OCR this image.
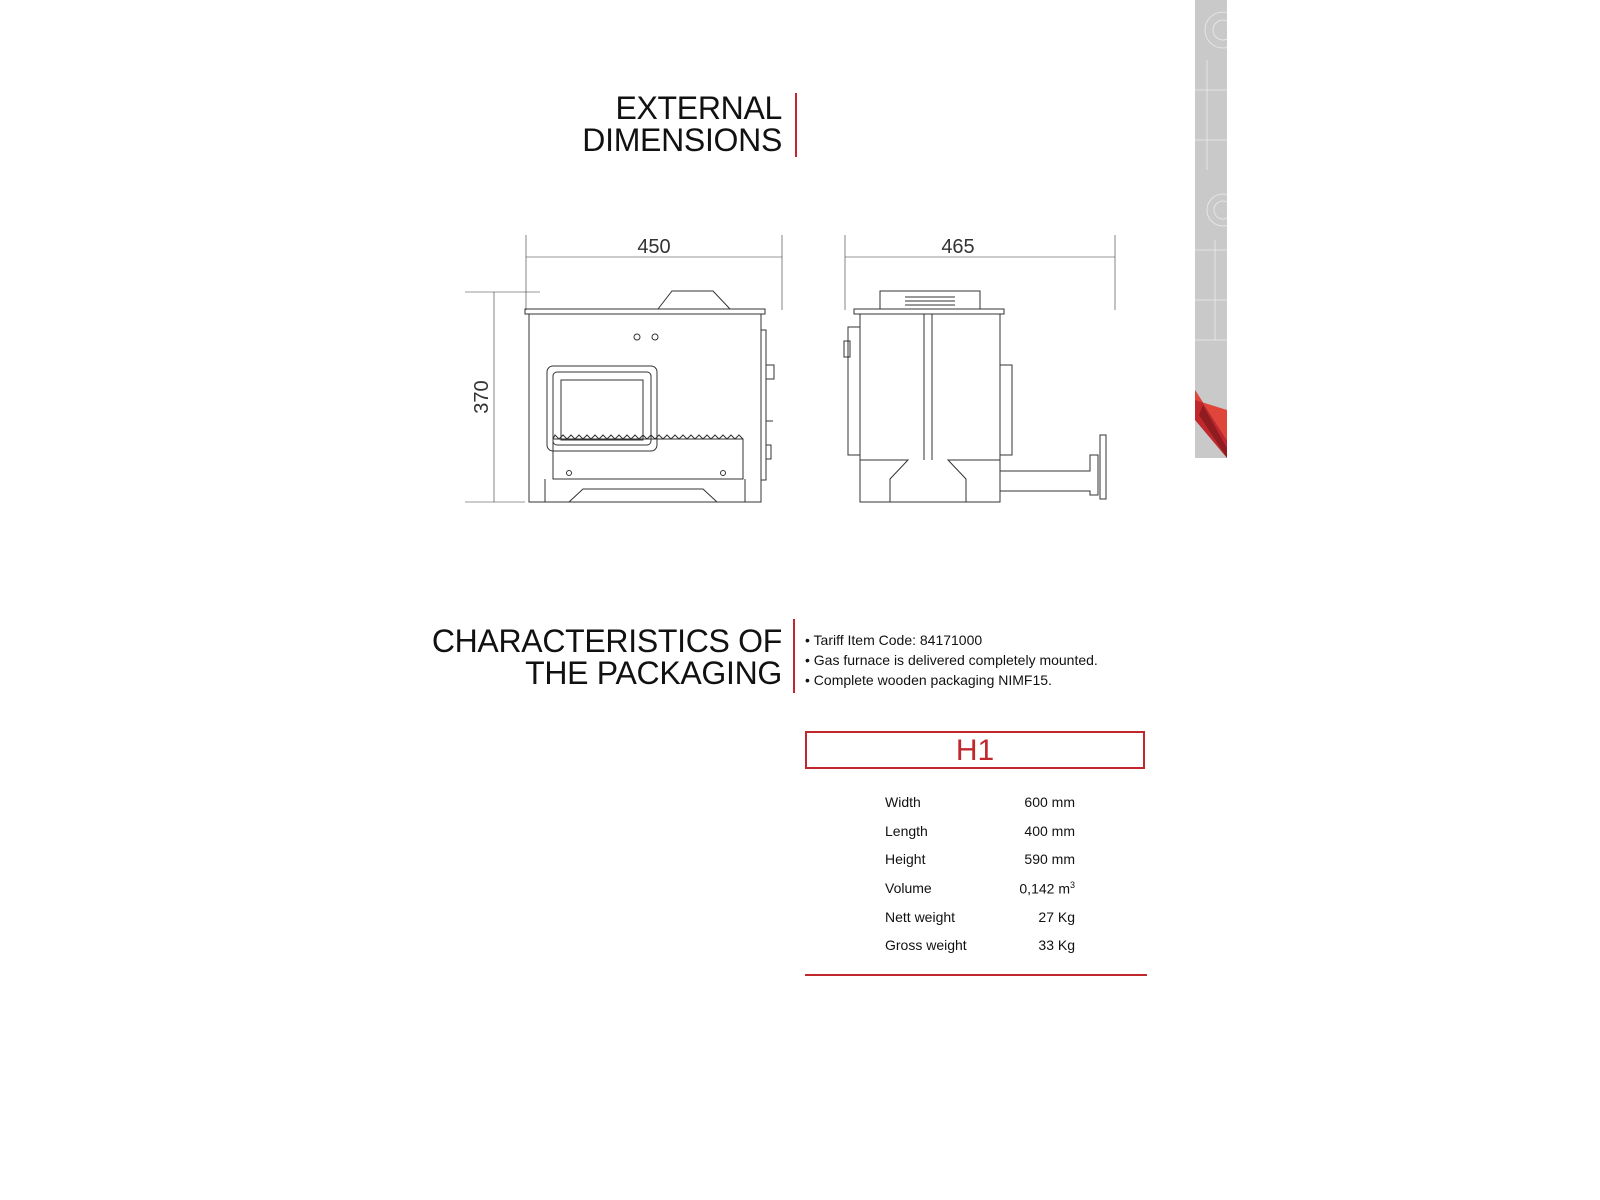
EXTERNAL
DIMENSIONS
450
370
465
CHARACTERISTICS OF
THE PACKAGING
• Tariff Item Code: 84171000
• Gas furnace is delivered completely mounted.
• Complete wooden packaging NIMF15.
H1
Width	600 mm
Length	400 mm
Height	590 mm
Volume	0,142 $m^3$
Nett weight	27 Kg
Gross weight	33 Kg
